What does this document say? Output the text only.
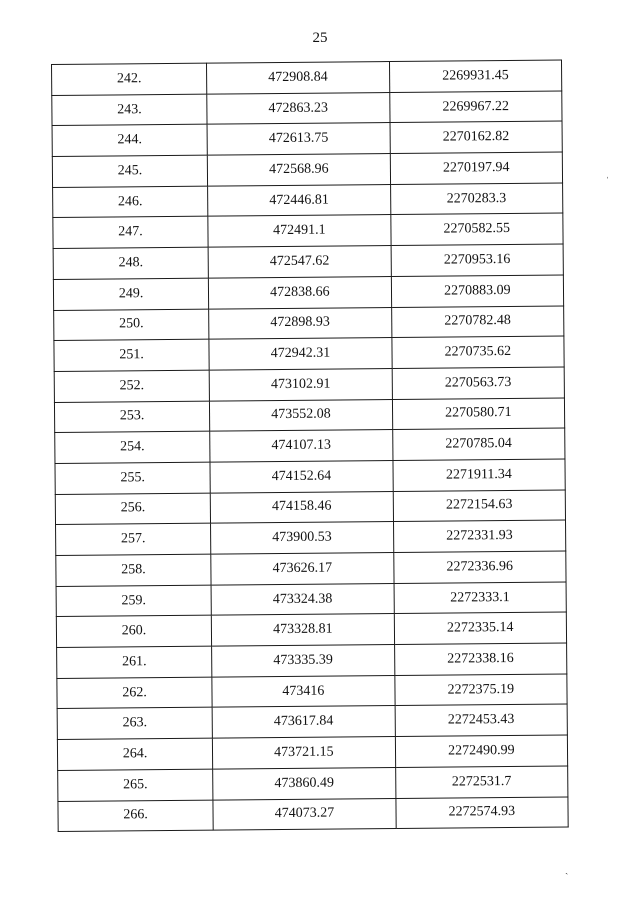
25
242.	472908.84	2269931.45
243.	472863.23	2269967.22
244.	472613.75	2270162.82
245.	472568.96	2270197.94
246.	472446.81	2270283.3
247.	472491.1	2270582.55
248.	472547.62	2270953.16
249.	472838.66	2270883.09
250.	472898.93	2270782.48
251.	472942.31	2270735.62
252.	473102.91	2270563.73
253.	473552.08	2270580.71
254.	474107.13	2270785.04
255.	474152.64	2271911.34
256.	474158.46	2272154.63
257.	473900.53	2272331.93
258.	473626.17	2272336.96
259.	473324.38	2272333.1
260.	473328.81	2272335.14
261.	473335.39	2272338.16
262.	473416	2272375.19
263.	473617.84	2272453.43
264.	473721.15	2272490.99
265.	473860.49	2272531.7
266.	474073.27	2272574.93
ˈ
ˎ
